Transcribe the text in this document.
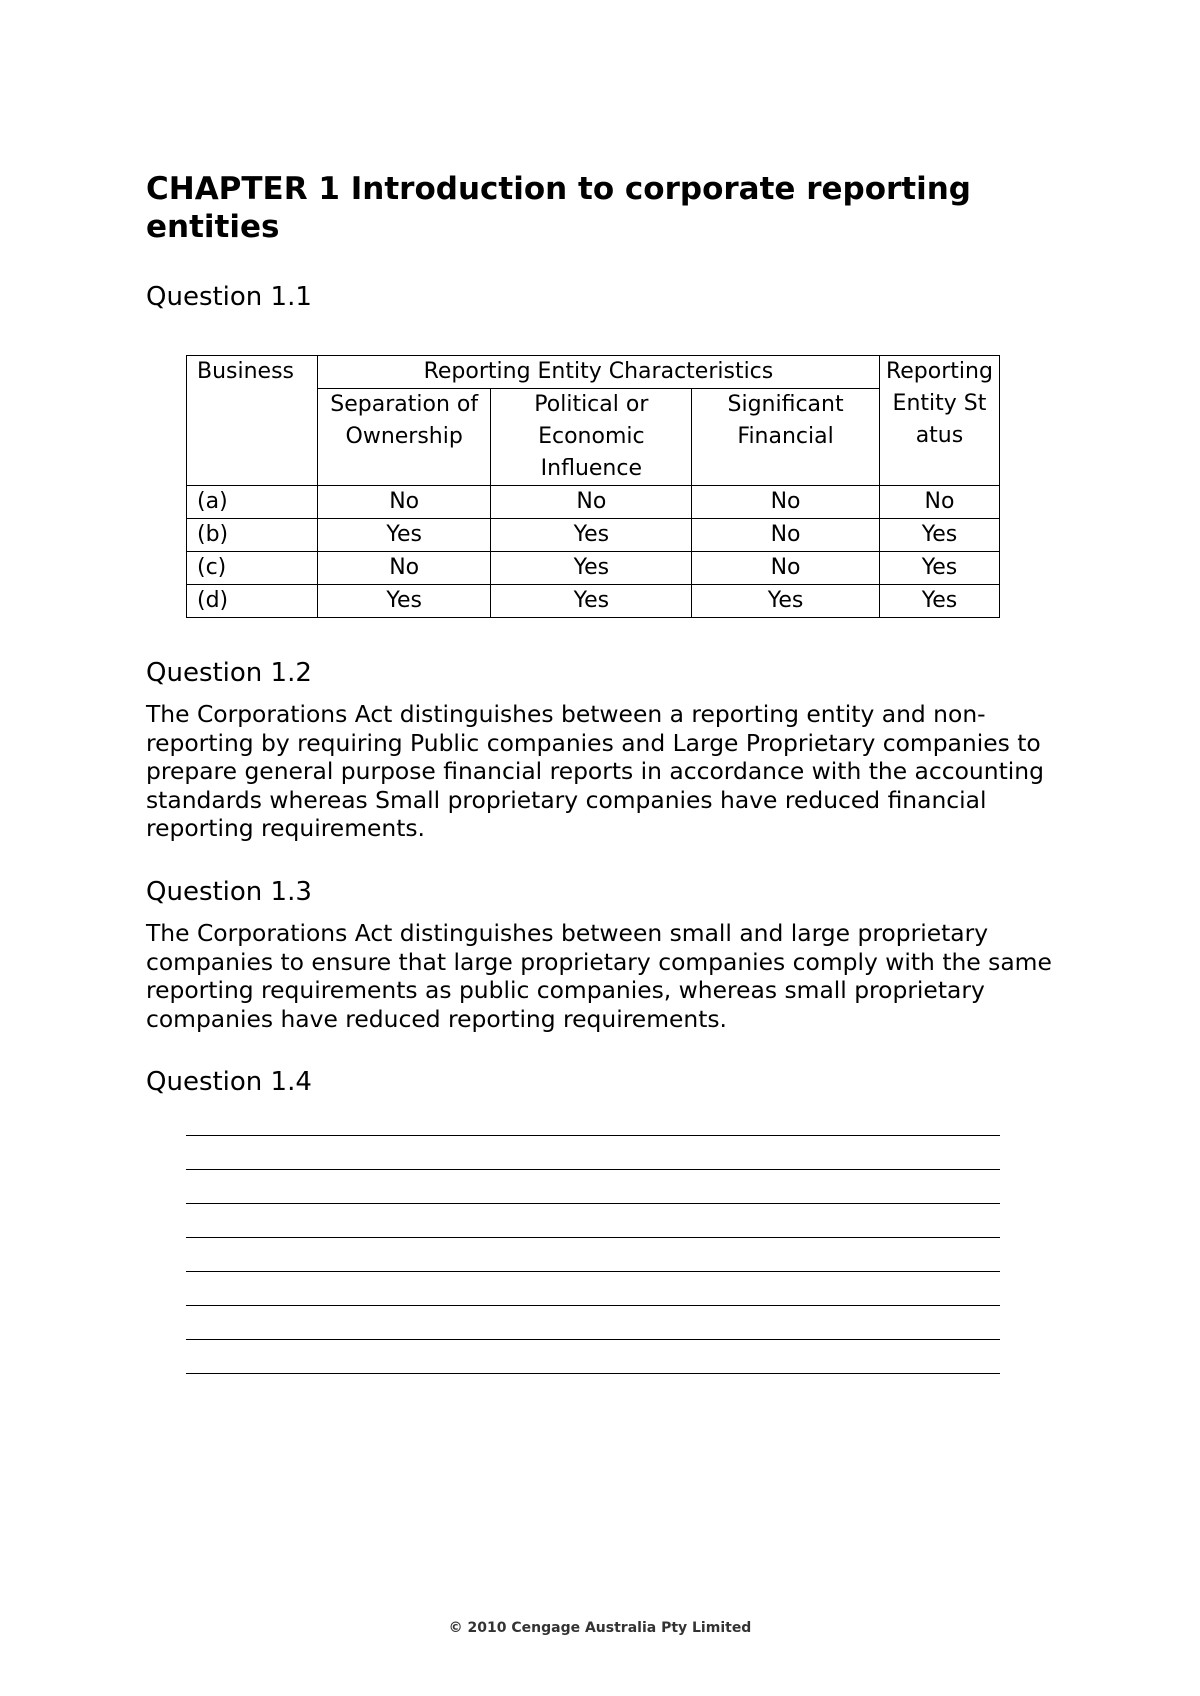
CHAPTER 1 Introduction to corporate reporting entities
Question 1.1
Business	Reporting Entity Characteristics			Reporting Entity Status
	Separation of Ownership	Political or Economic Influence	Significant Financial	
(a)	No	No	No	No
(b)	Yes	Yes	No	Yes
(c)	No	Yes	No	Yes
(d)	Yes	Yes	Yes	Yes
Question 1.2

The Corporations Act distinguishes between a reporting entity and non-reporting by requiring Public companies and Large Proprietary companies to prepare general purpose financial reports in accordance with the accounting standards whereas Small proprietary companies have reduced financial reporting requirements.

Question 1.3

The Corporations Act distinguishes between small and large proprietary companies to ensure that large proprietary companies comply with the same reporting requirements as public companies, whereas small proprietary companies have reduced reporting requirements.

Question 1.4
© 2010 Cengage Australia Pty Limited
